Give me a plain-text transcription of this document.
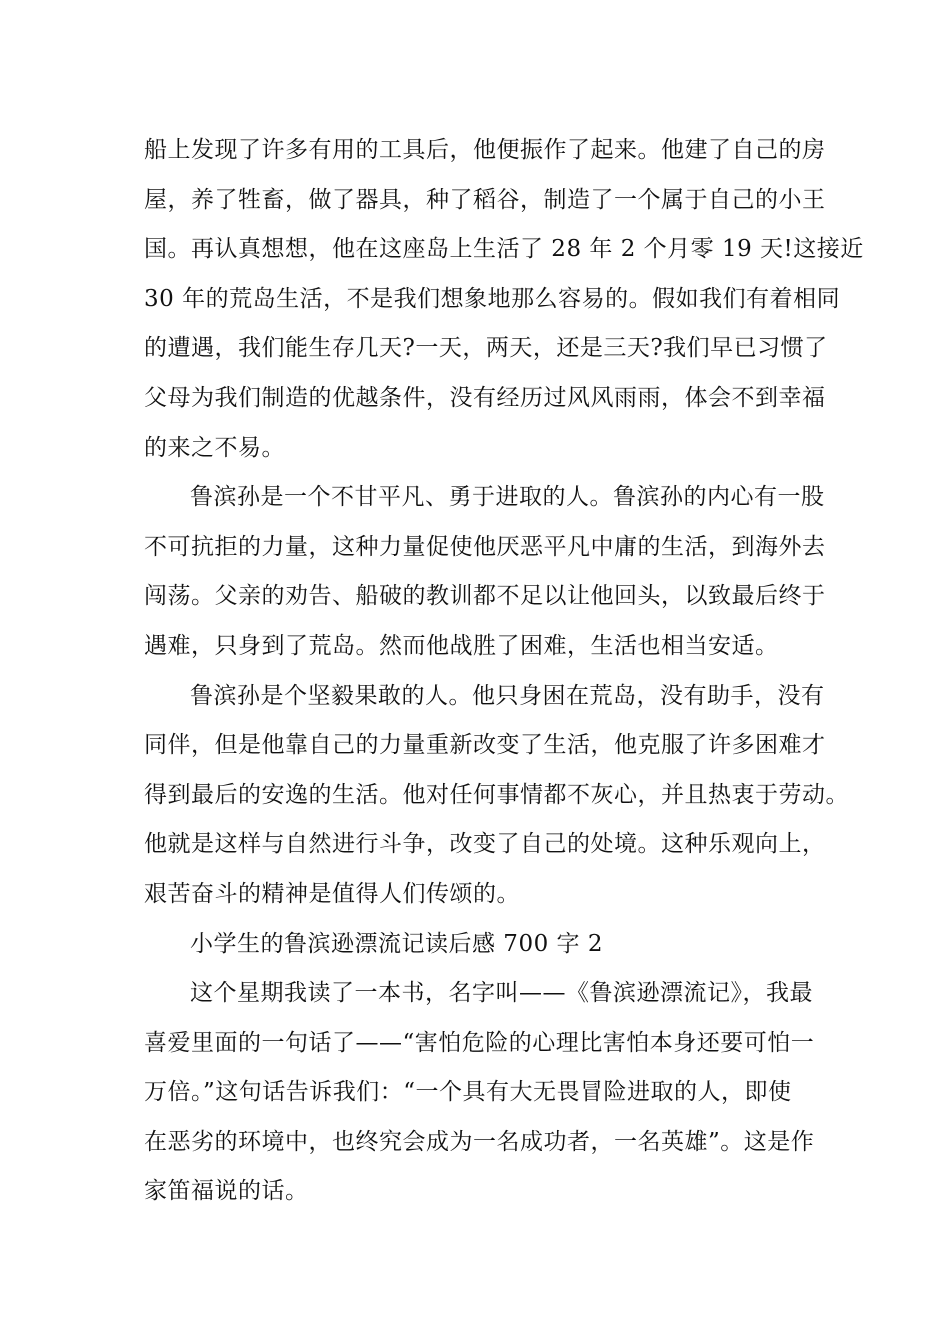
船上发现了许多有用的工具后，他便振作了起来。他建了自己的房
屋，养了牲畜，做了器具，种了稻谷，制造了一个属于自己的小王
国。再认真想想，他在这座岛上生活了 28 年 2 个月零 19 天!这接近
30 年的荒岛生活，不是我们想象地那么容易的。假如我们有着相同
的遭遇，我们能生存几天?一天，两天，还是三天?我们早已习惯了
父母为我们制造的优越条件，没有经历过风风雨雨，体会不到幸福
的来之不易。
鲁滨孙是一个不甘平凡、勇于进取的人。鲁滨孙的内心有一股
不可抗拒的力量，这种力量促使他厌恶平凡中庸的生活，到海外去
闯荡。父亲的劝告、船破的教训都不足以让他回头，以致最后终于
遇难，只身到了荒岛。然而他战胜了困难，生活也相当安适。
鲁滨孙是个坚毅果敢的人。他只身困在荒岛，没有助手，没有
同伴，但是他靠自己的力量重新改变了生活，他克服了许多困难才
得到最后的安逸的生活。他对任何事情都不灰心，并且热衷于劳动。
他就是这样与自然进行斗争，改变了自己的处境。这种乐观向上，
艰苦奋斗的精神是值得人们传颂的。
小学生的鲁滨逊漂流记读后感 700 字 2
这个星期我读了一本书，名字叫——《鲁滨逊漂流记》，我最
喜爱里面的一句话了——“害怕危险的心理比害怕本身还要可怕一
万倍。”这句话告诉我们：“一个具有大无畏冒险进取的人，即使
在恶劣的环境中，也终究会成为一名成功者，一名英雄”。这是作
家笛福说的话。
